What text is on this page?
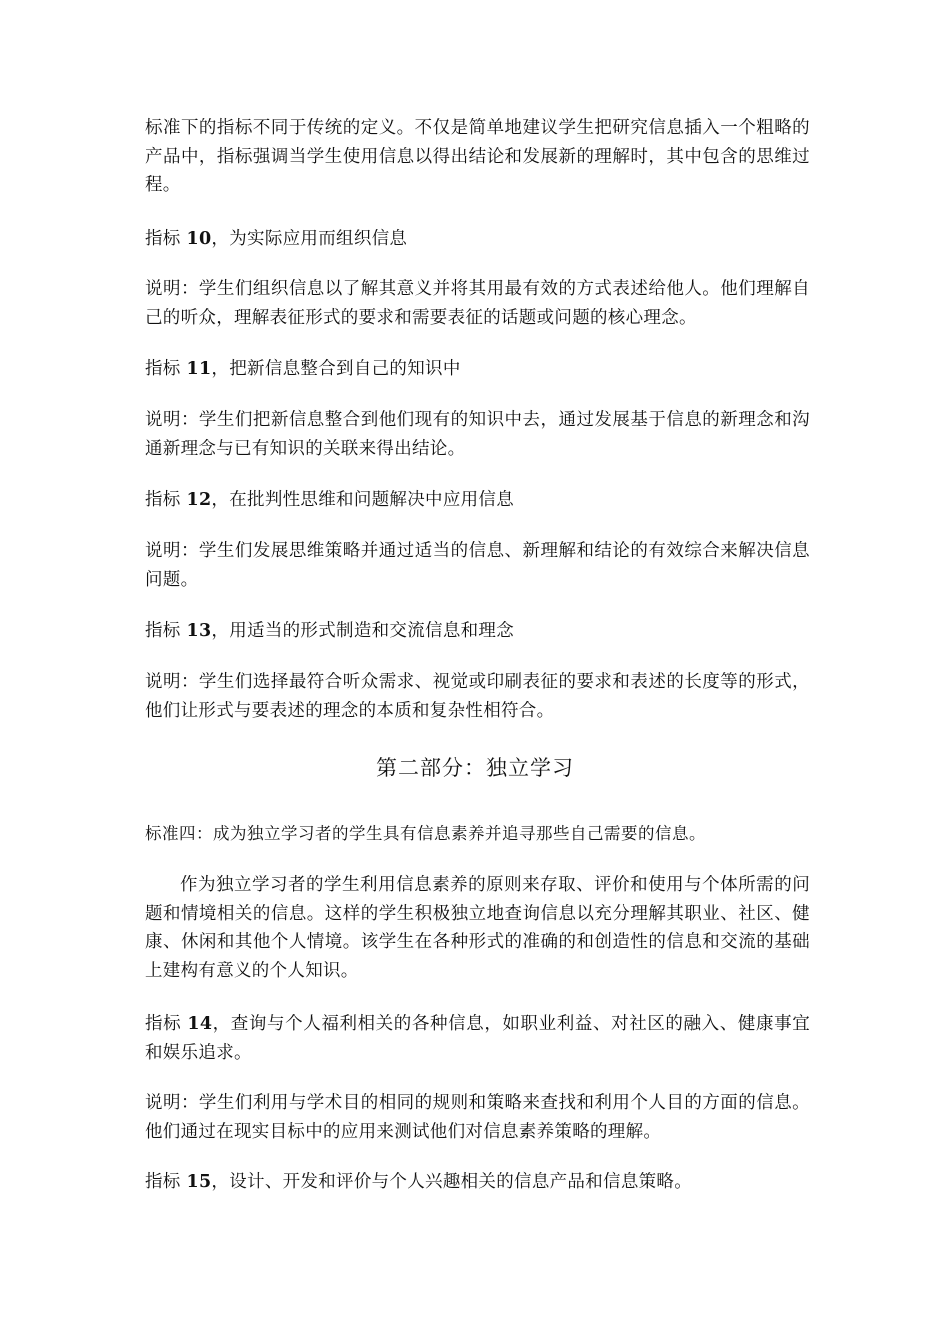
标准下的指标不同于传统的定义。不仅是简单地建议学生把研究信息插入一个粗略的产品中，指标强调当学生使用信息以得出结论和发展新的理解时，其中包含的思维过程。

指标 10，为实际应用而组织信息

说明：学生们组织信息以了解其意义并将其用最有效的方式表述给他人。他们理解自己的听众，理解表征形式的要求和需要表征的话题或问题的核心理念。

指标 11，把新信息整合到自己的知识中

说明：学生们把新信息整合到他们现有的知识中去，通过发展基于信息的新理念和沟通新理念与已有知识的关联来得出结论。

指标 12，在批判性思维和问题解决中应用信息

说明：学生们发展思维策略并通过适当的信息、新理解和结论的有效综合来解决信息问题。

指标 13，用适当的形式制造和交流信息和理念

说明：学生们选择最符合听众需求、视觉或印刷表征的要求和表述的长度等的形式，他们让形式与要表述的理念的本质和复杂性相符合。

第二部分：独立学习

标准四：成为独立学习者的学生具有信息素养并追寻那些自己需要的信息。

作为独立学习者的学生利用信息素养的原则来存取、评价和使用与个体所需的问题和情境相关的信息。这样的学生积极独立地查询信息以充分理解其职业、社区、健康、休闲和其他个人情境。该学生在各种形式的准确的和创造性的信息和交流的基础上建构有意义的个人知识。

指标 14，查询与个人福利相关的各种信息，如职业利益、对社区的融入、健康事宜和娱乐追求。

说明：学生们利用与学术目的相同的规则和策略来查找和利用个人目的方面的信息。他们通过在现实目标中的应用来测试他们对信息素养策略的理解。

指标 15，设计、开发和评价与个人兴趣相关的信息产品和信息策略。
